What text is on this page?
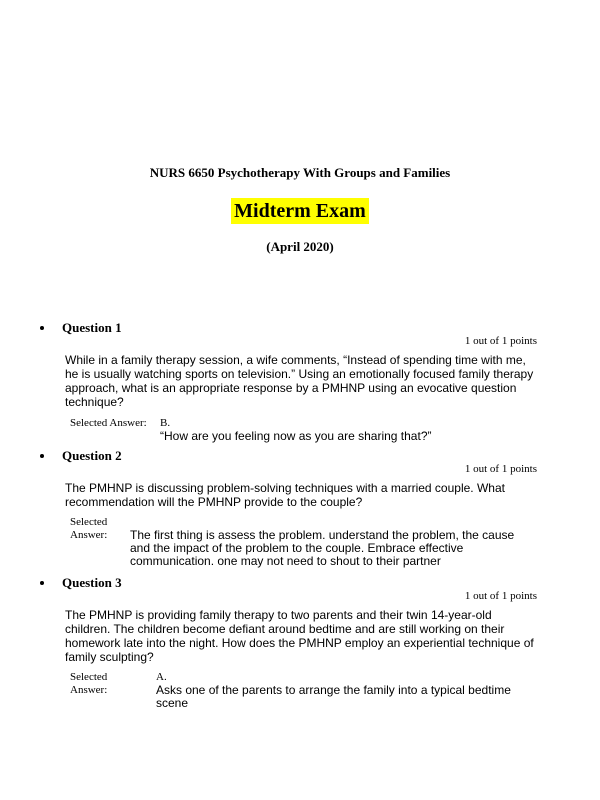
NURS 6650 Psychotherapy With Groups and Families
Midterm Exam
(April 2020)
Question 1
1 out of 1 points
While in a family therapy session, a wife comments, “Instead of spending time with me, he is usually watching sports on television.” Using an emotionally focused family therapy approach, what is an appropriate response by a PMHNP using an evocative question technique?
Selected Answer: B.
“How are you feeling now as you are sharing that?”
Question 2
1 out of 1 points
The PMHNP is discussing problem-solving techniques with a married couple. What recommendation will the PMHNP provide to the couple?
Selected
Answer: The first thing is assess the problem. understand the problem, the cause and the impact of the problem to the couple. Embrace effective communication. one may not need to shout to their partner
Question 3
1 out of 1 points
The PMHNP is providing family therapy to two parents and their twin 14-year-old children. The children become defiant around bedtime and are still working on their homework late into the night. How does the PMHNP employ an experiential technique of family sculpting?
Selected
Answer:
A.
Asks one of the parents to arrange the family into a typical bedtime scene
